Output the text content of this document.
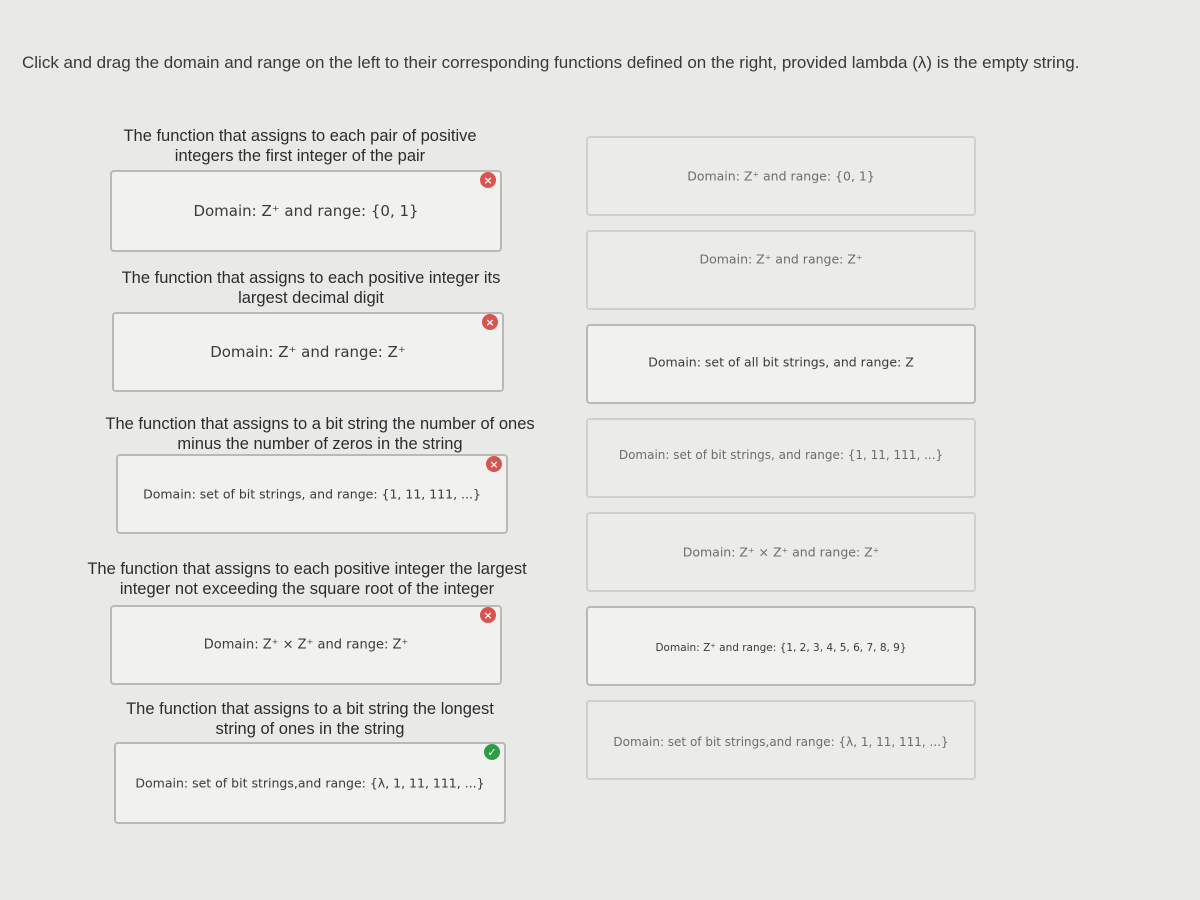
Click and drag the domain and range on the left to their corresponding functions defined on the right, provided lambda (λ) is the empty string.
The function that assigns to each pair of positive
integers the first integer of the pair
Domain: Z⁺ and range: {0, 1}
×
The function that assigns to each positive integer its
largest decimal digit
Domain: Z⁺ and range: Z⁺
×
The function that assigns to a bit string the number of ones
minus the number of zeros in the string
Domain: set of bit strings, and range: {1, 11, 111, ...}
×
The function that assigns to each positive integer the largest
integer not exceeding the square root of the integer
Domain: Z⁺ × Z⁺ and range: Z⁺
×
The function that assigns to a bit string the longest
string of ones in the string
Domain: set of bit strings,and range: {λ, 1, 11, 111, ...}
✓
Domain: Z⁺ and range: {0, 1}
Domain: Z⁺ and range: Z⁺
Domain: set of all bit strings, and range: Z
Domain: set of bit strings, and range: {1, 11, 111, ...}
Domain: Z⁺ × Z⁺ and range: Z⁺
Domain: Z⁺ and range: {1, 2, 3, 4, 5, 6, 7, 8, 9}
Domain: set of bit strings,and range: {λ, 1, 11, 111, ...}
